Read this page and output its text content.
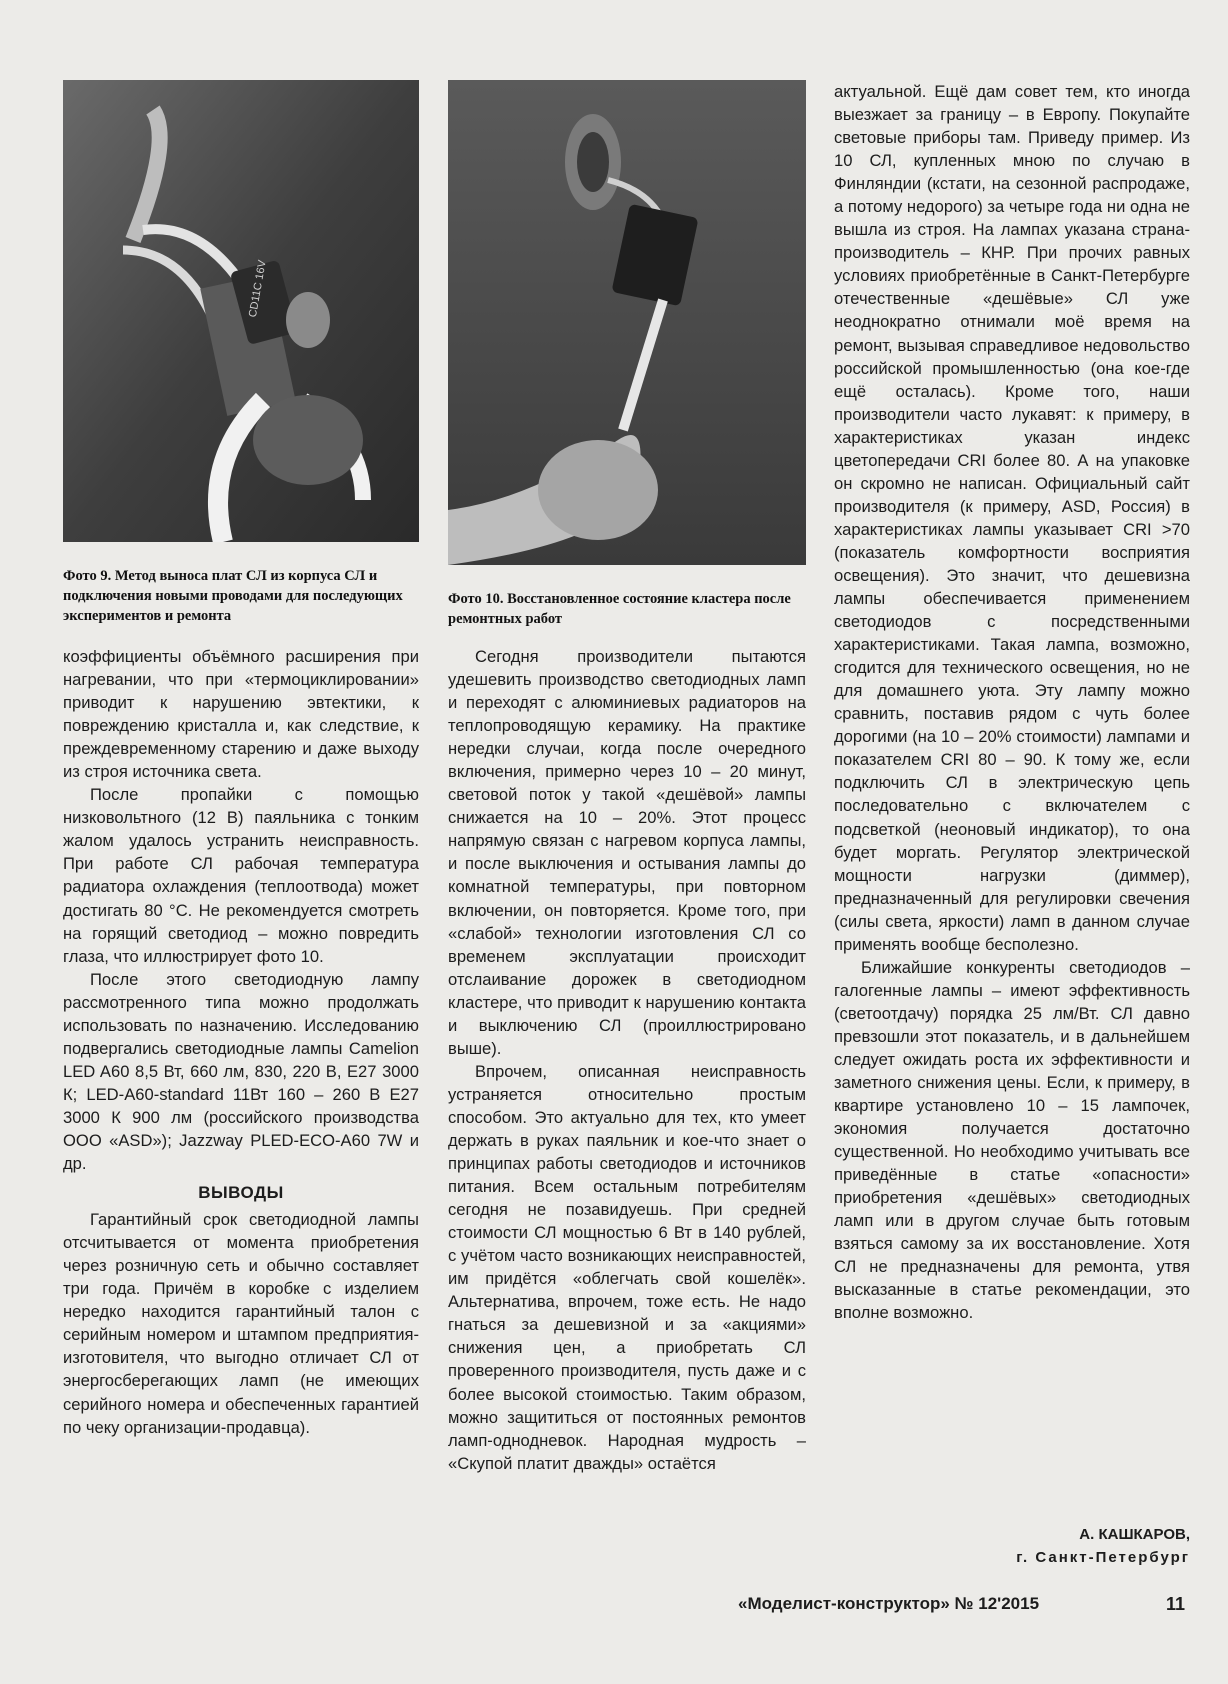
CD11C 16V
Фото 9. Метод выноса плат СЛ из корпуса СЛ и подключения новыми проводами для последующих экспериментов и ремонта
Фото 10. Восстановленное состояние кластера после ремонтных работ

коэффициенты объёмного расширения при нагревании, что при «термоциклировании» приводит к нарушению эвтектики, к повреждению кристалла и, как следствие, к преждевременному старению и даже выходу из строя источника света.

После пропайки с помощью низковольтного (12 В) паяльника с тонким жалом удалось устранить неисправность. При работе СЛ рабочая температура радиатора охлаждения (теплоотвода) может достигать 80 °С. Не рекомендуется смотреть на горящий светодиод – можно повредить глаза, что иллюстрирует фото 10.

После этого светодиодную лампу рассмотренного типа можно продолжать использовать по назначению. Исследованию подвергались светодиодные лампы Camelion LED A60 8,5 Вт, 660 лм, 830, 220 В, Е27 3000 К; LED-A60-standard 11Вт 160 – 260 В Е27 3000 К 900 лм (российского производства ООО «ASD»); Jazzway PLED-ECO-A60 7W и др.

ВЫВОДЫ

Гарантийный срок светодиодной лампы отсчитывается от момента приобретения через розничную сеть и обычно составляет три года. Причём в коробке с изделием нередко находится гарантийный талон с серийным номером и штампом предприятия-изготовителя, что выгодно отличает СЛ от энергосберегающих ламп (не имеющих серийного номера и обеспеченных гарантией по чеку организации-продавца).

Сегодня производители пытаются удешевить производство светодиодных ламп и переходят с алюминиевых радиаторов на теплопроводящую керамику. На практике нередки случаи, когда после очередного включения, примерно через 10 – 20 минут, световой поток у такой «дешёвой» лампы снижается на 10 – 20%. Этот процесс напрямую связан с нагревом корпуса лампы, и после выключения и остывания лампы до комнатной температуры, при повторном включении, он повторяется. Кроме того, при «слабой» технологии изготовления СЛ со временем эксплуатации происходит отслаивание дорожек в светодиодном кластере, что приводит к нарушению контакта и выключению СЛ (проиллюстрировано выше).

Впрочем, описанная неисправность устраняется относительно простым способом. Это актуально для тех, кто умеет держать в руках паяльник и кое-что знает о принципах работы светодиодов и источников питания. Всем остальным потребителям сегодня не позавидуешь. При средней стоимости СЛ мощностью 6 Вт в 140 рублей, с учётом часто возникающих неисправностей, им придётся «облегчать свой кошелёк». Альтернатива, впрочем, тоже есть. Не надо гнаться за дешевизной и за «акциями» снижения цен, а приобретать СЛ проверенного производителя, пусть даже и с более высокой стоимостью. Таким образом, можно защититься от постоянных ремонтов ламп-однодневок. Народная мудрость – «Скупой платит дважды» остаётся

актуальной. Ещё дам совет тем, кто иногда выезжает за границу – в Европу. Покупайте световые приборы там. Приведу пример. Из 10 СЛ, купленных мною по случаю в Финляндии (кстати, на сезонной распродаже, а потому недорого) за четыре года ни одна не вышла из строя. На лампах указана страна-производитель – КНР. При прочих равных условиях приобретённые в Санкт-Петербурге отечественные «дешёвые» СЛ уже неоднократно отнимали моё время на ремонт, вызывая справедливое недовольство российской промышленностью (она кое-где ещё осталась). Кроме того, наши производители часто лукавят: к примеру, в характеристиках указан индекс цветопередачи CRI более 80. А на упаковке он скромно не написан. Официальный сайт производителя (к примеру, ASD, Россия) в характеристиках лампы указывает CRI >70 (показатель комфортности восприятия освещения). Это значит, что дешевизна лампы обеспечивается применением светодиодов с посредственными характеристиками. Такая лампа, возможно, сгодится для технического освещения, но не для домашнего уюта. Эту лампу можно сравнить, поставив рядом с чуть более дорогими (на 10 – 20% стоимости) лампами и показателем CRI 80 – 90. К тому же, если подключить СЛ в электрическую цепь последовательно с включателем с подсветкой (неоновый индикатор), то она будет моргать. Регулятор электрической мощности нагрузки (диммер), предназначенный для регулировки свечения (силы света, яркости) ламп в данном случае применять вообще бесполезно.

Ближайшие конкуренты светодиодов – галогенные лампы – имеют эффективность (светоотдачу) порядка 25 лм/Вт. СЛ давно превзошли этот показатель, и в дальнейшем следует ожидать роста их эффективности и заметного снижения цены. Если, к примеру, в квартире установлено 10 – 15 лампочек, экономия получается достаточно существенной. Но необходимо учитывать все приведённые в статье «опасности» приобретения «дешёвых» светодиодных ламп или в другом случае быть готовым взяться самому за их восстановление. Хотя СЛ не предназначены для ремонта, утвя высказанные в статье рекомендации, это вполне возможно.

А. КАШКАРОВ,
г. Санкт-Петербург
«Моделист-конструктор» № 12'2015	11
